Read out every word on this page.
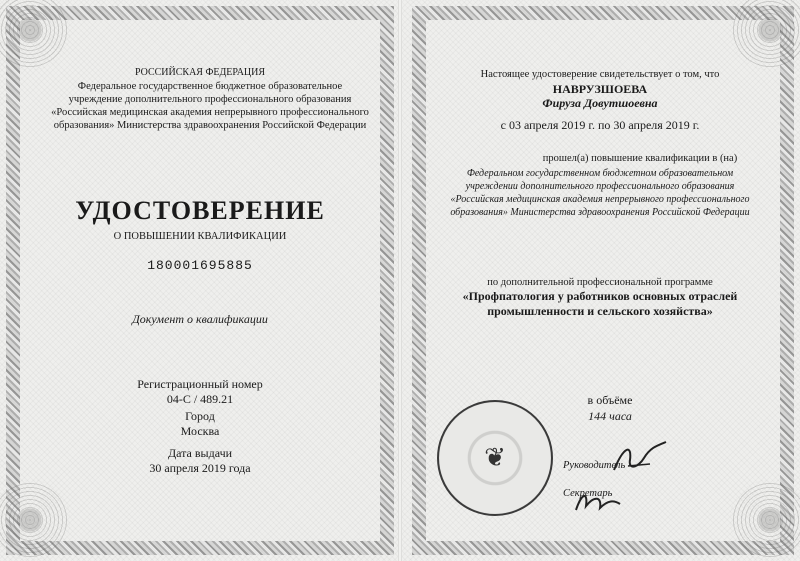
РОССИЙСКАЯ ФЕДЕРАЦИЯ
Федеральное государственное бюджетное образовательное
учреждение дополнительного профессионального образования
«Российская медицинская академия непрерывного профессионального
образования» Министерства здравоохранения Российской Федерации
УДОСТОВЕРЕНИЕ
О ПОВЫШЕНИИ КВАЛИФИКАЦИИ
180001695885
Документ о квалификации
Регистрационный номер
04-С / 489.21
Город
Москва
Дата выдачи
30 апреля 2019 года
Настоящее удостоверение свидетельствует о том, что
НАВРУЗШОЕВА
Фируза Довутшоевна
с 03 апреля 2019 г. по 30 апреля 2019 г.
прошел(а) повышение квалификации в (на)
Федеральном государственном бюджетном образовательном
учреждении дополнительного профессионального образования
«Российская медицинская академия непрерывного профессионального
образования» Министерства здравоохранения Российской Федерации
по дополнительной профессиональной программе
«Профпатология у работников основных отраслей
промышленности и сельского хозяйства»
в объёме
144 часа
Руководитель
Секретарь
❦
